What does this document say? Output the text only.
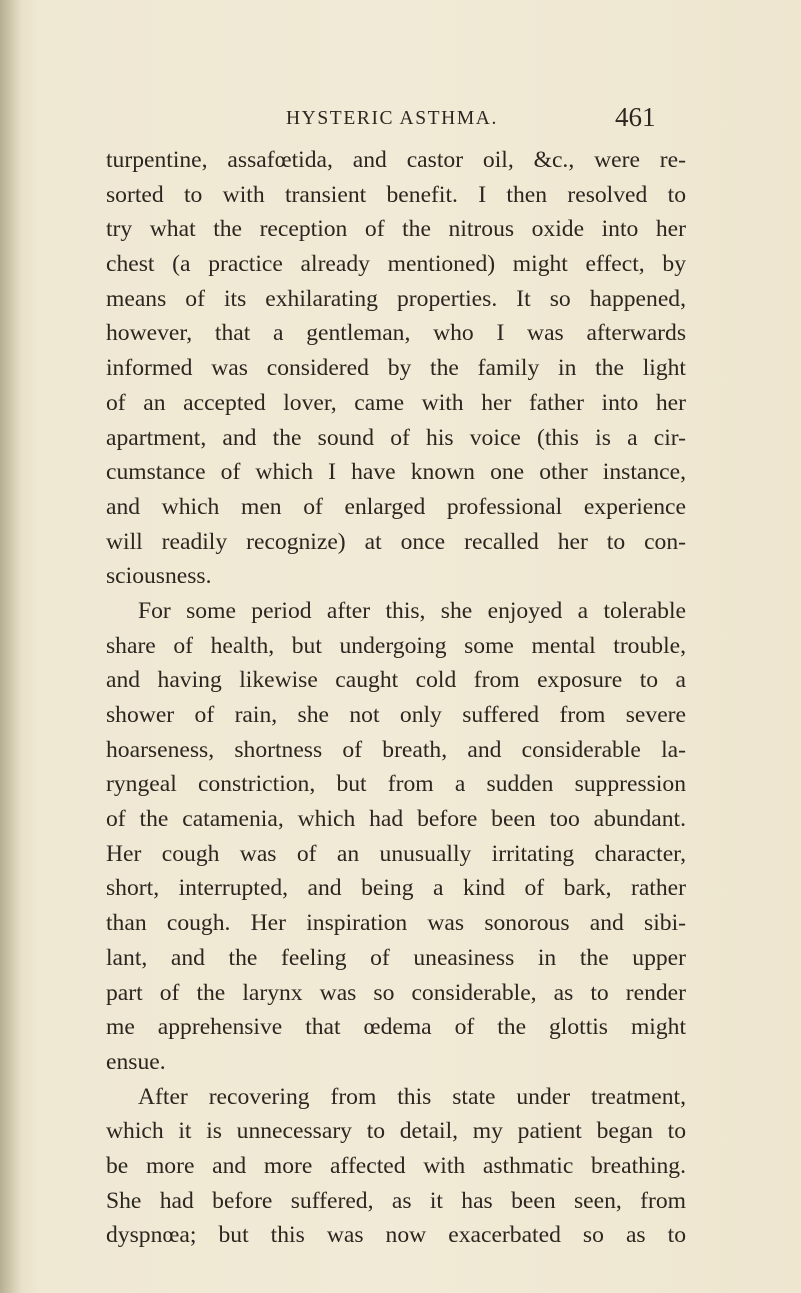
HYSTERIC ASTHMA.	461
turpentine, assafœtida, and castor oil, &c., were re-
sorted to with transient benefit. I then resolved to
try what the reception of the nitrous oxide into her
chest (a practice already mentioned) might effect, by
means of its exhilarating properties. It so happened,
however, that a gentleman, who I was afterwards
informed was considered by the family in the light
of an accepted lover, came with her father into her
apartment, and the sound of his voice (this is a cir-
cumstance of which I have known one other instance,
and which men of enlarged professional experience
will readily recognize) at once recalled her to con-
sciousness.
For some period after this, she enjoyed a tolerable
share of health, but undergoing some mental trouble,
and having likewise caught cold from exposure to a
shower of rain, she not only suffered from severe
hoarseness, shortness of breath, and considerable la-
ryngeal constriction, but from a sudden suppression
of the catamenia, which had before been too abundant.
Her cough was of an unusually irritating character,
short, interrupted, and being a kind of bark, rather
than cough. Her inspiration was sonorous and sibi-
lant, and the feeling of uneasiness in the upper
part of the larynx was so considerable, as to render
me apprehensive that œdema of the glottis might
ensue.
After recovering from this state under treatment,
which it is unnecessary to detail, my patient began to
be more and more affected with asthmatic breathing.
She had before suffered, as it has been seen, from
dyspnœa; but this was now exacerbated so as to
